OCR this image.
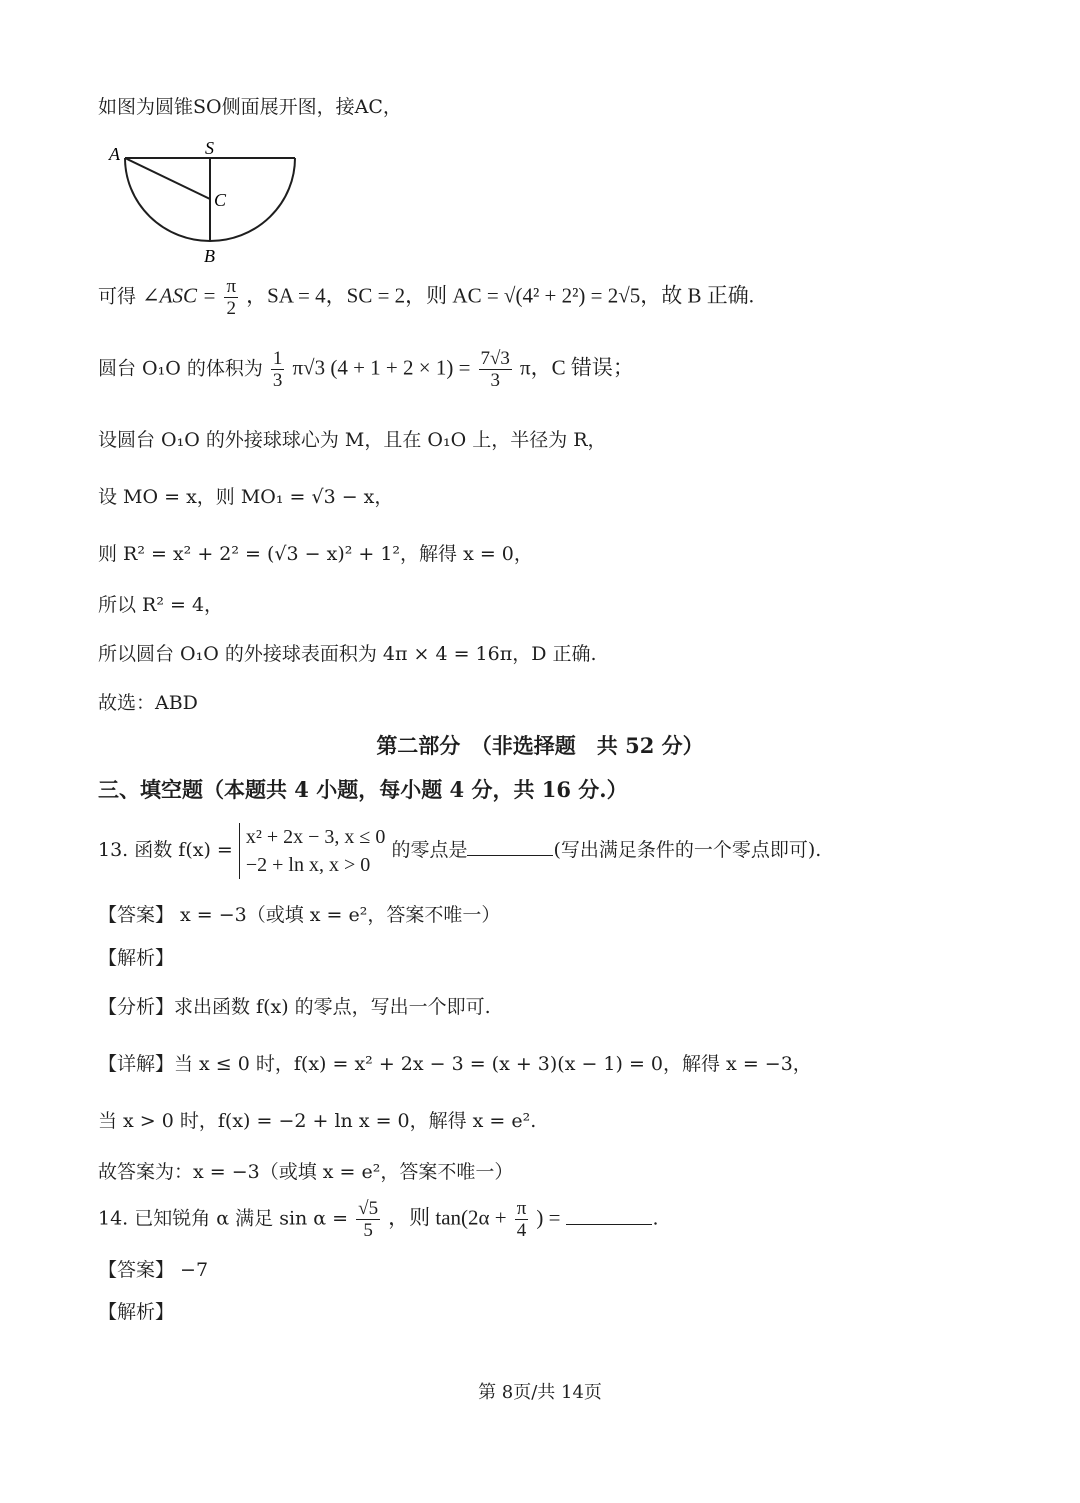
如图为圆锥SO侧面展开图，接AC，
A	S
C
B
可得 ∠ASC = $\frac{\pi}{2}$ ，SA = 4，SC = 2，则 AC = √(4² + 2²) = 2√5，故 B 正确.
圆台 O₁O 的体积为 $\frac{1}{3} \pi√3$ $(4 + 1 + 2 \times 1) = \frac{7√3}{3}$ π，C 错误；
设圆台 O₁O 的外接球球心为 M，且在 O₁O 上，半径为 R，
设 MO = x，则 MO₁ = √3 − x，
则 R² = x² + 2² = (√3 − x)² + 1²，解得 x = 0，
所以 R² = 4，
所以圆台 O₁O 的外接球表面积为 4π × 4 = 16π，D 正确.
故选：ABD
第二部分　（非选择题　共 52 分）
三、填空题（本题共 4 小题，每小题 4 分，共 16 分.）
13. 函数 f(x) =
x² + 2x − 3, x ≤ 0
−2 + ln x, x > 0
的零点是	(写出满足条件的一个零点即可).
【答案】 x = −3（或填 x = e²，答案不唯一）
【解析】
【分析】求出函数 f(x) 的零点，写出一个即可.
【详解】当 x ≤ 0 时，f(x) = x² + 2x − 3 = (x + 3)(x − 1) = 0，解得 x = −3，
当 x > 0 时，f(x) = −2 + ln x = 0，解得 x = e².
故答案为：x = −3（或填 x = e²，答案不唯一）
14. 已知锐角 α 满足 $\sin \alpha = \frac{√5}{5}$ ，则 $\tan(2\alpha + \frac{\pi}{4}$ ) =	.
【答案】 −7
【解析】
第 8页/共 14页
